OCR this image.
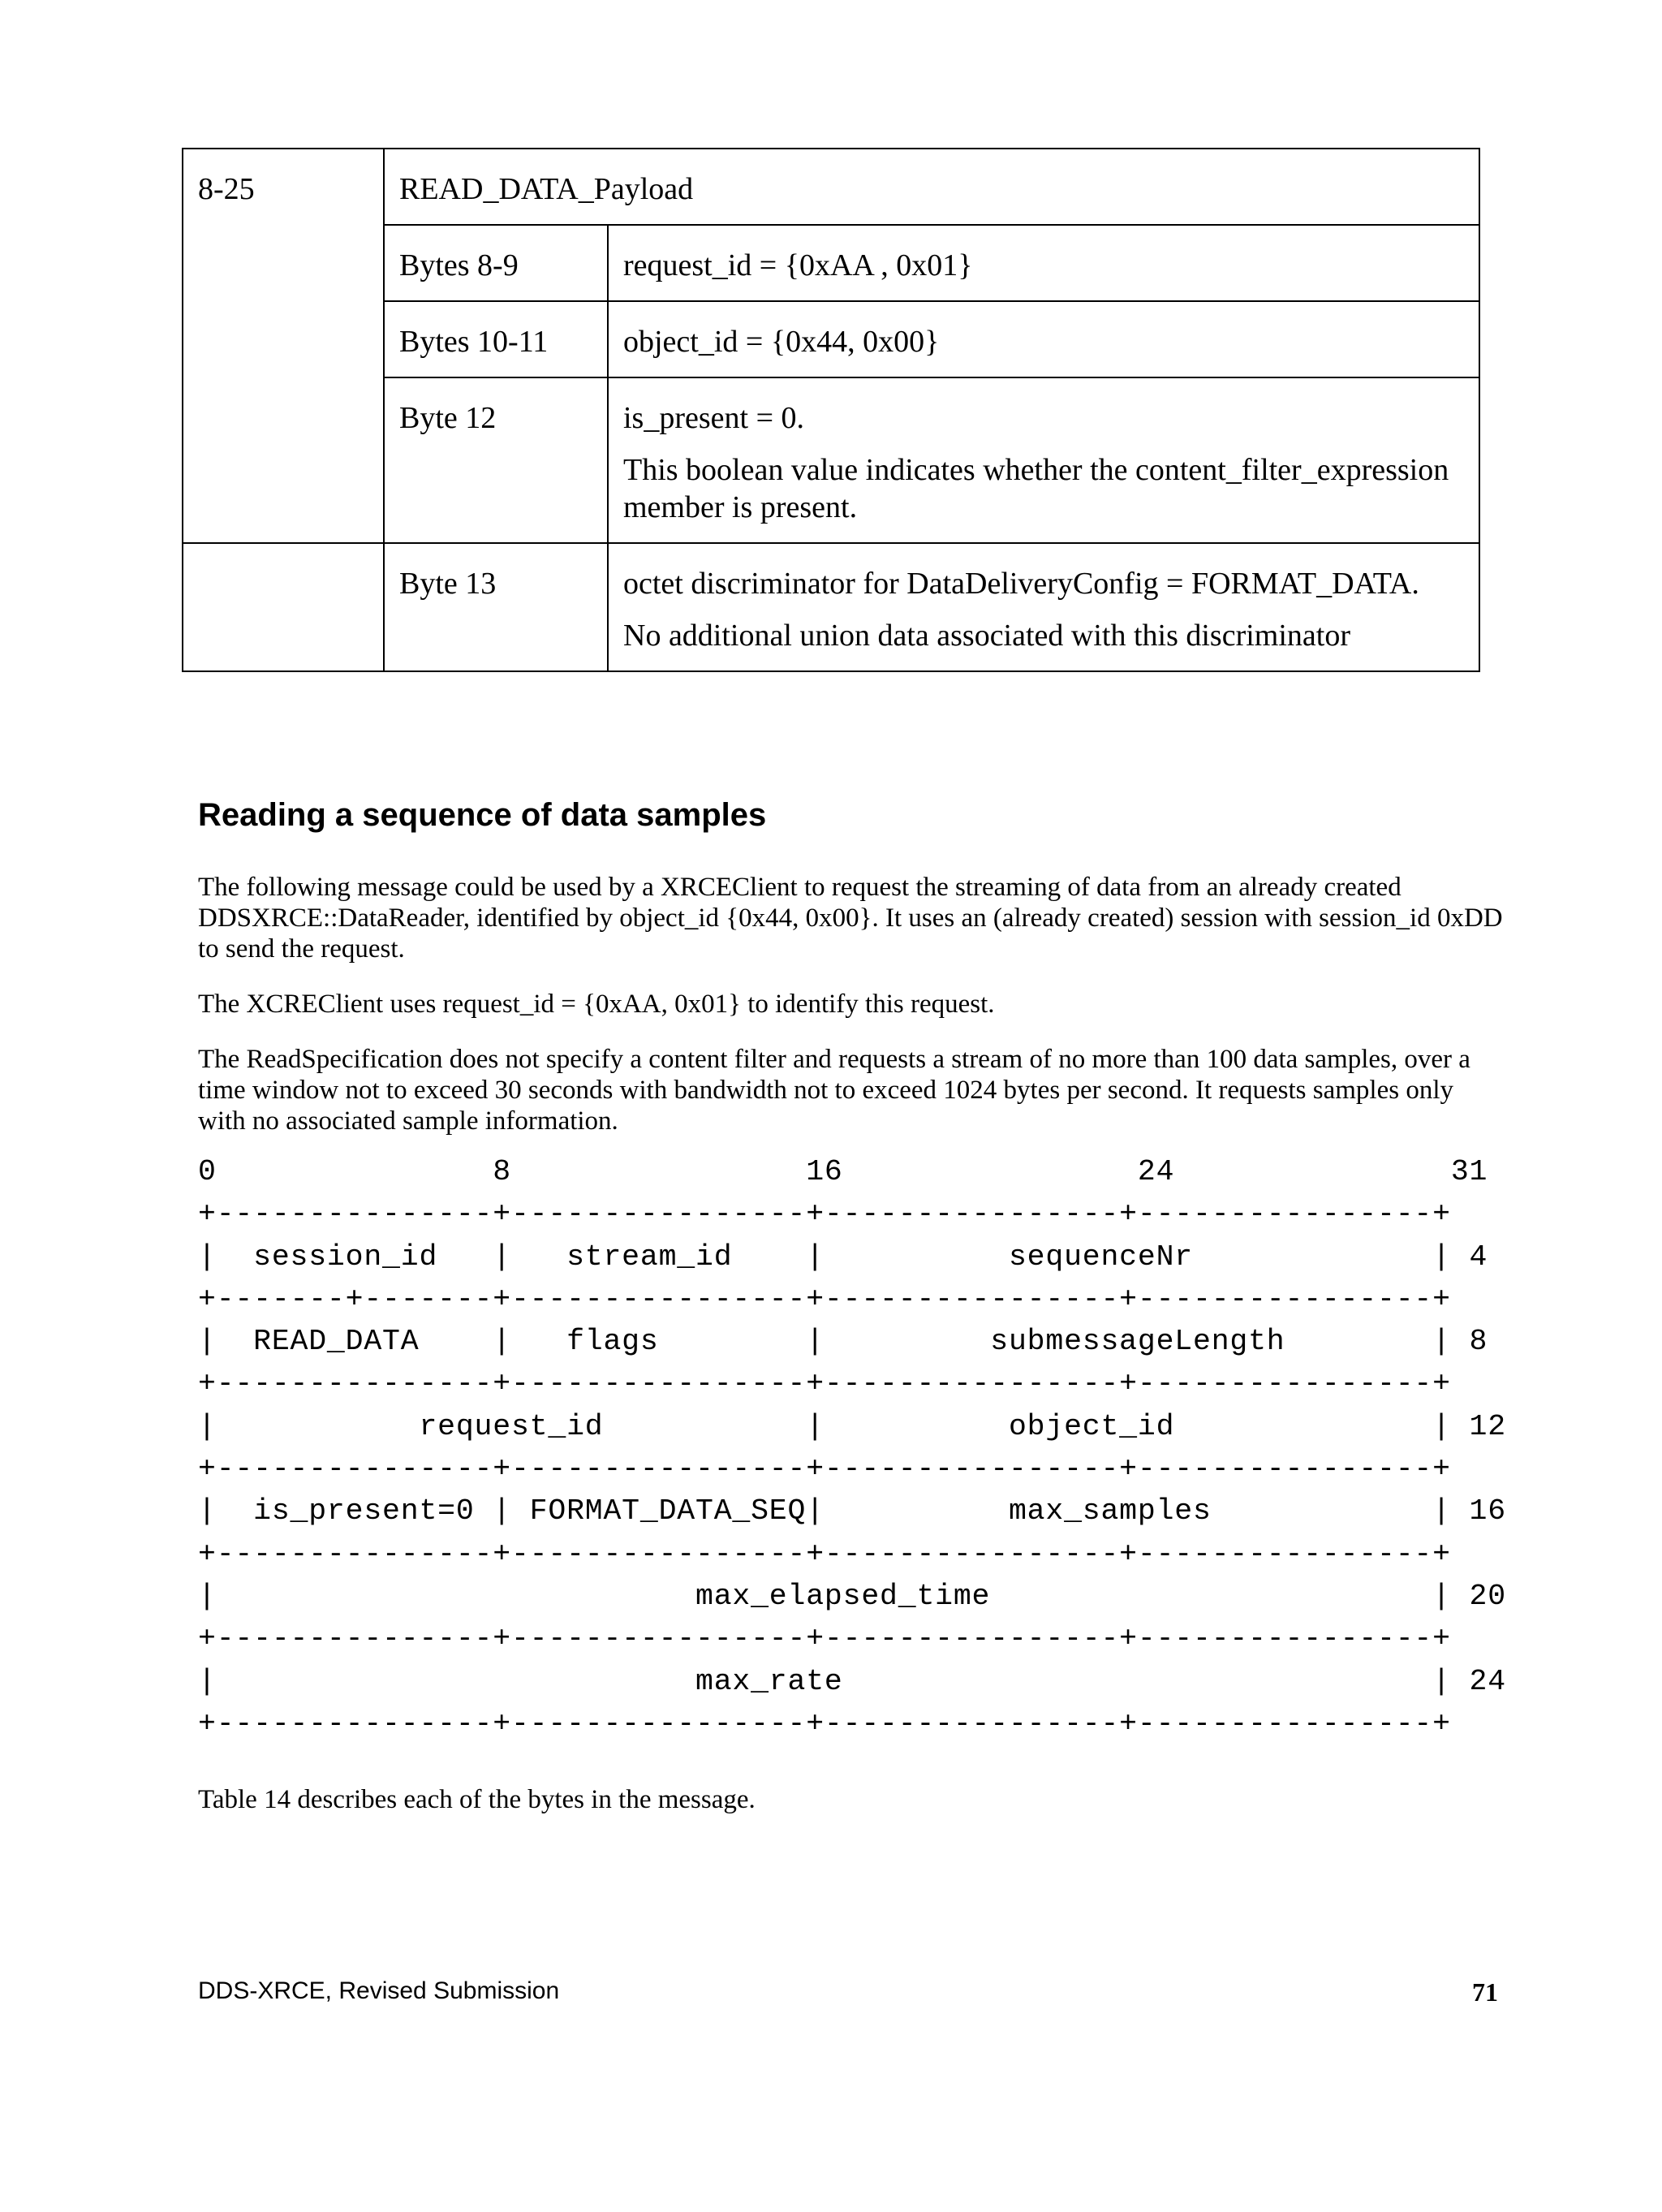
8-25	READ_DATA_Payload	
	Bytes 8-9	request_id = {0xAA , 0x01}

	Bytes 10-11	object_id = {0x44, 0x00}

	Byte 12	is_present = 0.

This boolean value indicates whether the content_filter_expression member is present.

	Byte 13	octet discriminator for DataDeliveryConfig = FORMAT_DATA.

No additional union data associated with this discriminator

Reading a sequence of data samples

The following message could be used by a XRCEClient to request the streaming of data from an already created DDSXRCE::DataReader, identified by object_id {0x44, 0x00}. It uses an (already created) session with session_id 0xDD to send the request.

The XCREClient uses request_id = {0xAA, 0x01} to identify this request.

The ReadSpecification does not specify a content filter and requests a stream of no more than 100 data samples, over a time window not to exceed 30 seconds with bandwidth not to exceed 1024 bytes per second. It requests samples only with no associated sample information.

0               8                16                24               31
+---------------+----------------+----------------+----------------+
|  session_id   |   stream_id    |          sequenceNr             | 4
+-------+-------+----------------+----------------+----------------+
|  READ_DATA    |   flags        |         submessageLength        | 8
+---------------+----------------+----------------+----------------+
|           request_id           |          object_id              | 12
+---------------+----------------+----------------+----------------+
|  is_present=0 | FORMAT_DATA_SEQ|          max_samples            | 16
+---------------+----------------+----------------+----------------+
|                          max_elapsed_time                        | 20
+---------------+----------------+----------------+----------------+
|                          max_rate                                | 24
+---------------+----------------+----------------+----------------+

Table 14 describes each of the bytes in the message.

DDS-XRCE, Revised Submission	71
